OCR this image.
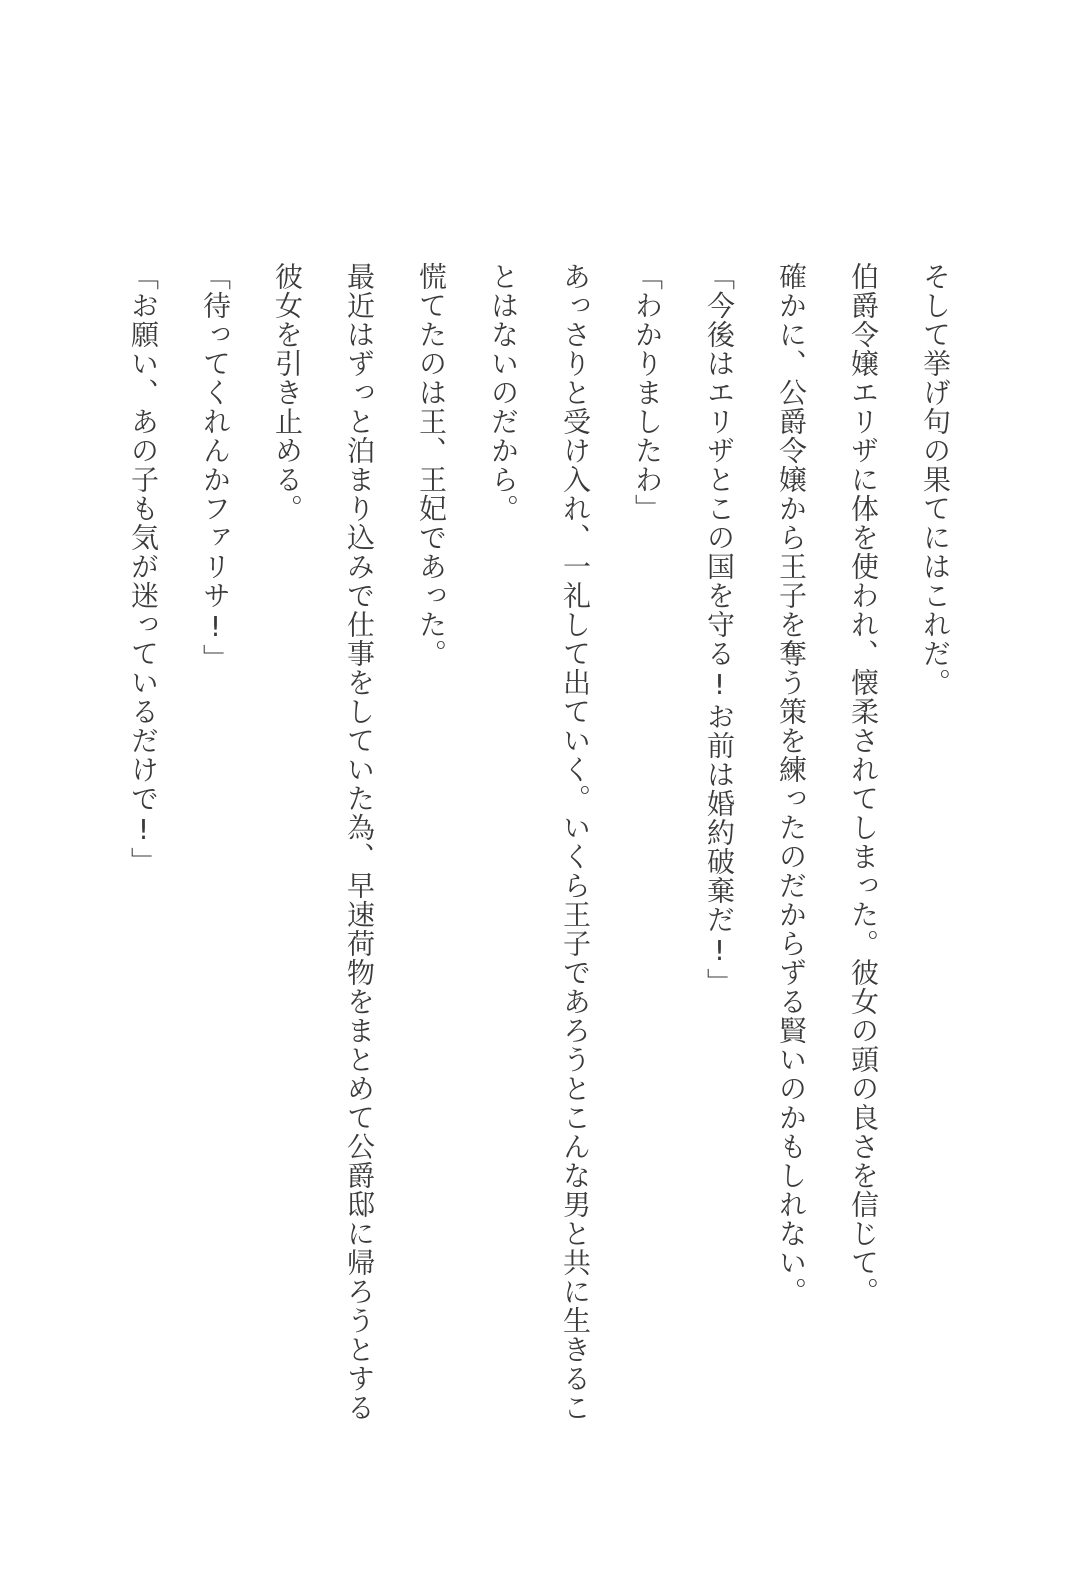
そして挙げ句の果てにはこれだ。
伯爵令嬢エリザに体を使われ、懐柔されてしまった。彼女の頭の良さを信じて。
確かに、公爵令嬢から王子を奪う策を練ったのだからずる賢いのかもしれない。
「今後はエリザとこの国を守る!お前は婚約破棄だ!」
「わかりましたわ」
あっさりと受け入れ、一礼して出ていく。いくら王子であろうとこんな男と共に生きるこ
とはないのだから。
慌てたのは王、王妃であった。
最近はずっと泊まり込みで仕事をしていた為、早速荷物をまとめて公爵邸に帰ろうとする
彼女を引き止める。
「待ってくれんかファリサ!」
「お願い、あの子も気が迷っているだけで!」
